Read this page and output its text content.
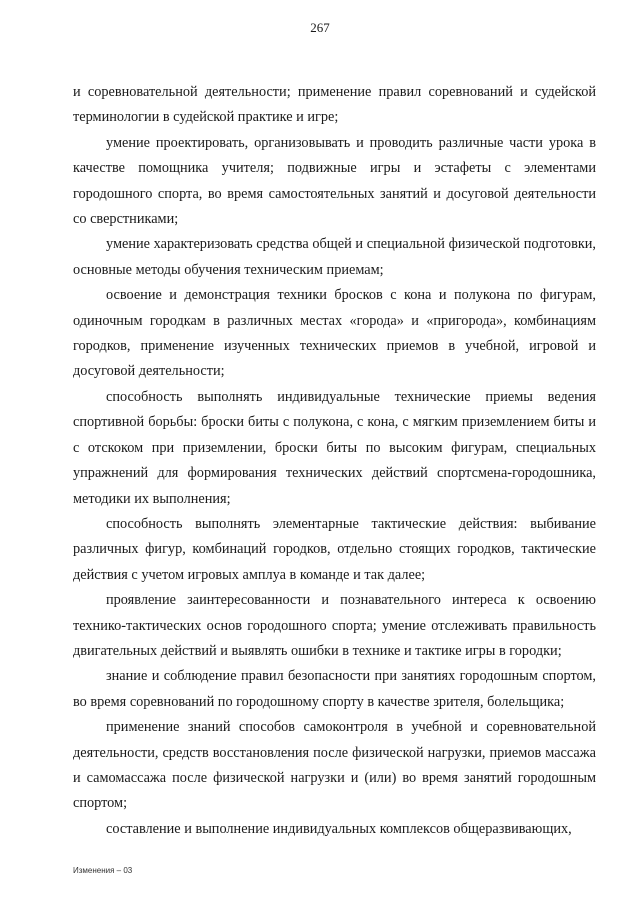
267

и соревновательной деятельности; применение правил соревнований и судейской терминологии в судейской практике и игре;

умение проектировать, организовывать и проводить различные части урока в качестве помощника учителя; подвижные игры и эстафеты с элементами городошного спорта, во время самостоятельных занятий и досуговой деятельности со сверстниками;

умение характеризовать средства общей и специальной физической подготовки, основные методы обучения техническим приемам;

освоение и демонстрация техники бросков с кона и полукона по фигурам, одиночным городкам в различных местах «города» и «пригорода», комбинациям городков, применение изученных технических приемов в учебной, игровой и досуговой деятельности;

способность выполнять индивидуальные технические приемы ведения спортивной борьбы: броски биты с полукона, с кона, с мягким приземлением биты и с отскоком при приземлении, броски биты по высоким фигурам, специальных упражнений для формирования технических действий спортсмена-городошника, методики их выполнения;

способность выполнять элементарные тактические действия: выбивание различных фигур, комбинаций городков, отдельно стоящих городков, тактические действия с учетом игровых амплуа в команде и так далее;

проявление заинтересованности и познавательного интереса к освоению технико-тактических основ городошного спорта; умение отслеживать правильность двигательных действий и выявлять ошибки в технике и тактике игры в городки;

знание и соблюдение правил безопасности при занятиях городошным спортом, во время соревнований по городошному спорту в качестве зрителя, болельщика;

применение знаний способов самоконтроля в учебной и соревновательной деятельности, средств восстановления после физической нагрузки, приемов массажа и самомассажа после физической нагрузки и (или) во время занятий городошным спортом;

составление и выполнение индивидуальных комплексов общеразвивающих,

Изменения – 03
